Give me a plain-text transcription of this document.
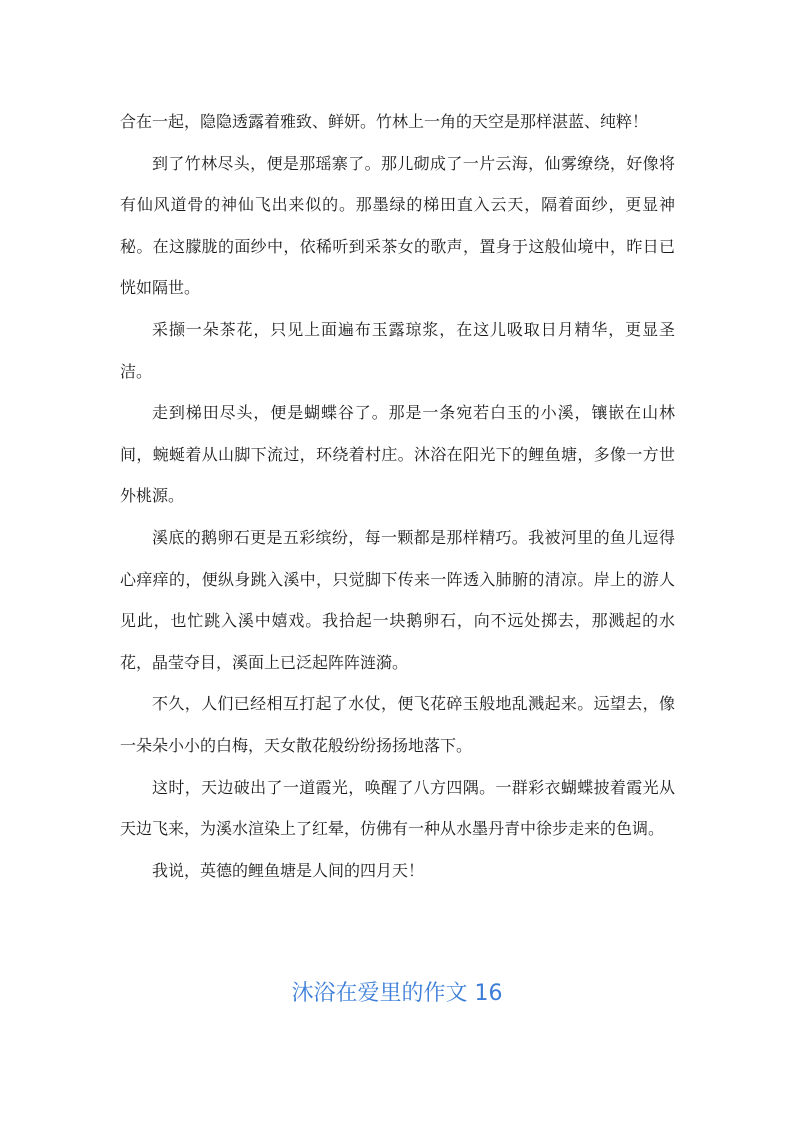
合在一起，隐隐透露着雅致、鲜妍。竹林上一角的天空是那样湛蓝、纯粹！

到了竹林尽头，便是那瑶寨了。那儿砌成了一片云海，仙雾缭绕，好像将有仙风道骨的神仙飞出来似的。那墨绿的梯田直入云天，隔着面纱，更显神秘。在这朦胧的面纱中，依稀听到采茶女的歌声，置身于这般仙境中，昨日已恍如隔世。

采撷一朵茶花，只见上面遍布玉露琼浆，在这儿吸取日月精华，更显圣洁。

走到梯田尽头，便是蝴蝶谷了。那是一条宛若白玉的小溪，镶嵌在山林间，蜿蜒着从山脚下流过，环绕着村庄。沐浴在阳光下的鲤鱼塘，多像一方世外桃源。

溪底的鹅卵石更是五彩缤纷，每一颗都是那样精巧。我被河里的鱼儿逗得心痒痒的，便纵身跳入溪中，只觉脚下传来一阵透入肺腑的清凉。岸上的游人见此，也忙跳入溪中嬉戏。我拾起一块鹅卵石，向不远处掷去，那溅起的水花，晶莹夺目，溪面上已泛起阵阵涟漪。

不久，人们已经相互打起了水仗，便飞花碎玉般地乱溅起来。远望去，像一朵朵小小的白梅，天女散花般纷纷扬扬地落下。

这时，天边破出了一道霞光，唤醒了八方四隅。一群彩衣蝴蝶披着霞光从天边飞来，为溪水渲染上了红晕，仿佛有一种从水墨丹青中徐步走来的色调。

我说，英德的鲤鱼塘是人间的四月天！

沐浴在爱里的作文 16
